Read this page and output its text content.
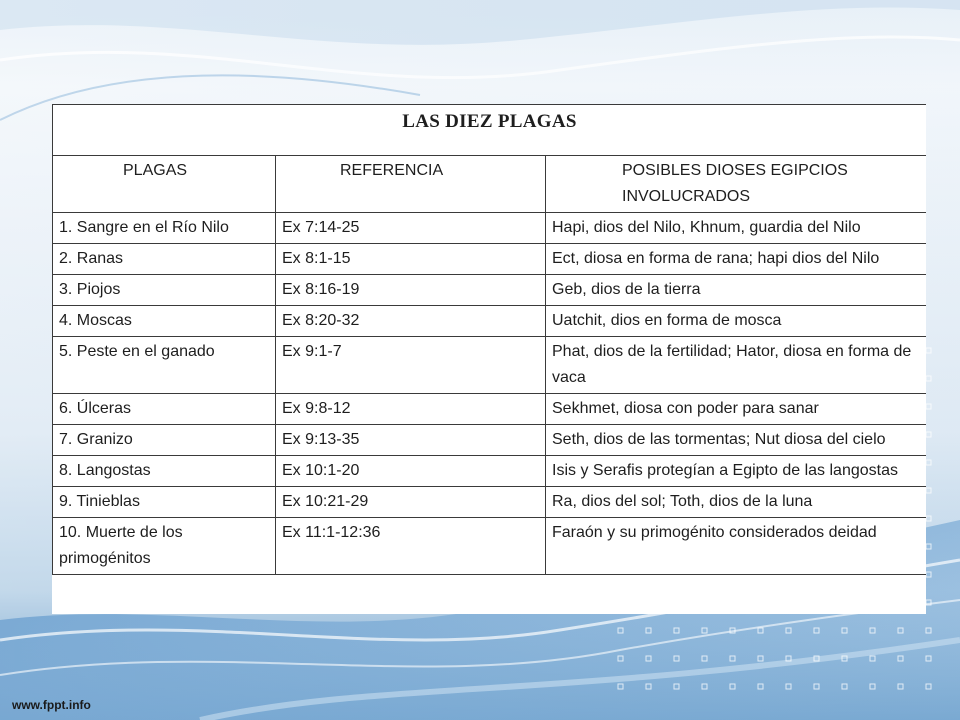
LAS DIEZ PLAGAS		
PLAGAS	REFERENCIA	POSIBLES DIOSES EGIPCIOS INVOLUCRADOS
1. Sangre en el Río Nilo	Ex 7:14-25	Hapi, dios del Nilo, Khnum, guardia del Nilo
2. Ranas	Ex 8:1-15	Ect, diosa en forma de rana; hapi dios del Nilo
3. Piojos	Ex 8:16-19	Geb, dios de la tierra
4. Moscas	Ex 8:20-32	Uatchit, dios en forma de mosca
5. Peste en el ganado	Ex 9:1-7	Phat, dios de la fertilidad; Hator, diosa en forma de vaca
6. Úlceras	Ex 9:8-12	Sekhmet, diosa con poder para sanar
7. Granizo	Ex 9:13-35	Seth, dios de las tormentas; Nut diosa del cielo
8. Langostas	Ex 10:1-20	Isis y Serafis protegían a Egipto de las langostas
9. Tinieblas	Ex 10:21-29	Ra, dios del sol; Toth, dios de la luna
10. Muerte de los primogénitos	Ex 11:1-12:36	Faraón y su primogénito considerados deidad
www.fppt.info
